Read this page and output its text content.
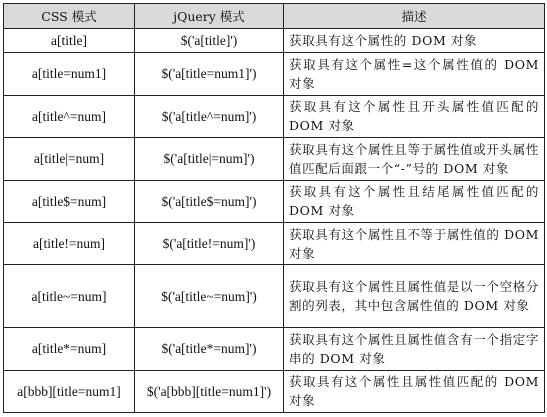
CSS 模式	jQuery 模式	描述
a[title]	$('a[title]')	获取具有这个属性的 DOM 对象
a[title=num1]	$('a[title=num1]')	获取具有这个属性=这个属性值的 DOM 对象
a[title^=num]	$('a[title^=num]')	获取具有这个属性且开头属性值匹配的 DOM 对象
a[title|=num]	$('a[title|=num]')	获取具有这个属性且等于属性值或开头属性值匹配后面跟一个“-”号的 DOM 对象
a[title$=num]	$('a[title$=num]')	获取具有这个属性且结尾属性值匹配的 DOM 对象
a[title!=num]	$('a[title!=num]')	获取具有这个属性且不等于属性值的 DOM 对象
a[title~=num]	$('a[title~=num]')	获取具有这个属性且属性值是以一个空格分割的列表，其中包含属性值的 DOM 对象
a[title*=num]	$('a[title*=num]')	获取具有这个属性且属性值含有一个指定字串的 DOM 对象
a[bbb][title=num1]	$('a[bbb][title=num1]')	获取具有这个属性且属性值匹配的 DOM 对象
